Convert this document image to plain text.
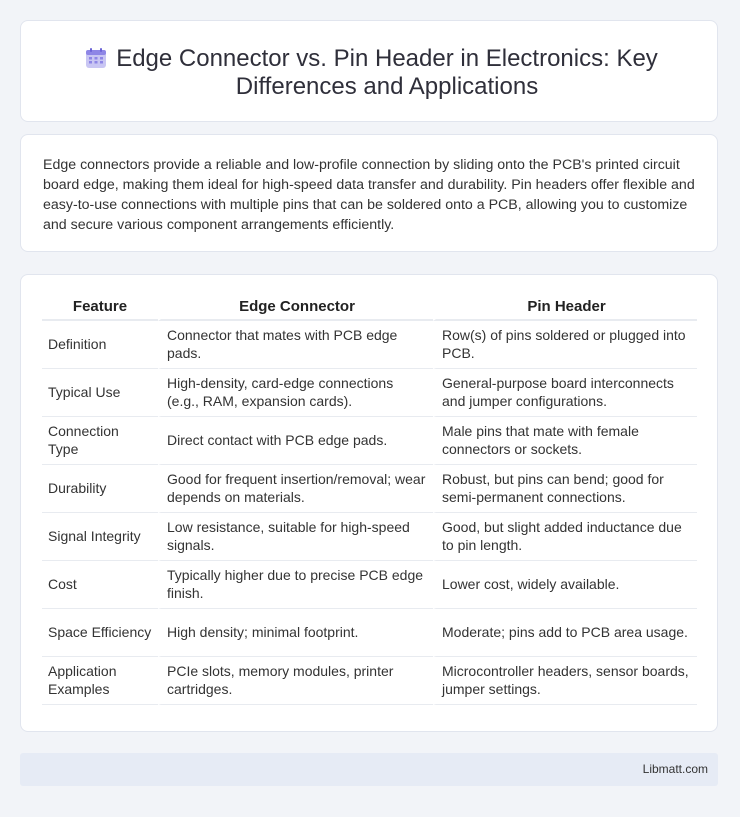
Edge Connector vs. Pin Header in Electronics: Key Differences and Applications

Edge connectors provide a reliable and low-profile connection by sliding onto the PCB's printed circuit board edge, making them ideal for high-speed data transfer and durability. Pin headers offer flexible and easy-to-use connections with multiple pins that can be soldered onto a PCB, allowing you to customize and secure various component arrangements efficiently.

Feature	Edge Connector	Pin Header
Definition	Connector that mates with PCB edge pads.	Row(s) of pins soldered or plugged into PCB.
Typical Use	High-density, card-edge connections (e.g., RAM, expansion cards).	General-purpose board interconnects and jumper configurations.
Connection Type	Direct contact with PCB edge pads.	Male pins that mate with female connectors or sockets.
Durability	Good for frequent insertion/removal; wear depends on materials.	Robust, but pins can bend; good for semi-permanent connections.
Signal Integrity	Low resistance, suitable for high-speed signals.	Good, but slight added inductance due to pin length.
Cost	Typically higher due to precise PCB edge finish.	Lower cost, widely available.
Space Efficiency	High density; minimal footprint.	Moderate; pins add to PCB area usage.
Application Examples	PCIe slots, memory modules, printer cartridges.	Microcontroller headers, sensor boards, jumper settings.
Libmatt.com
